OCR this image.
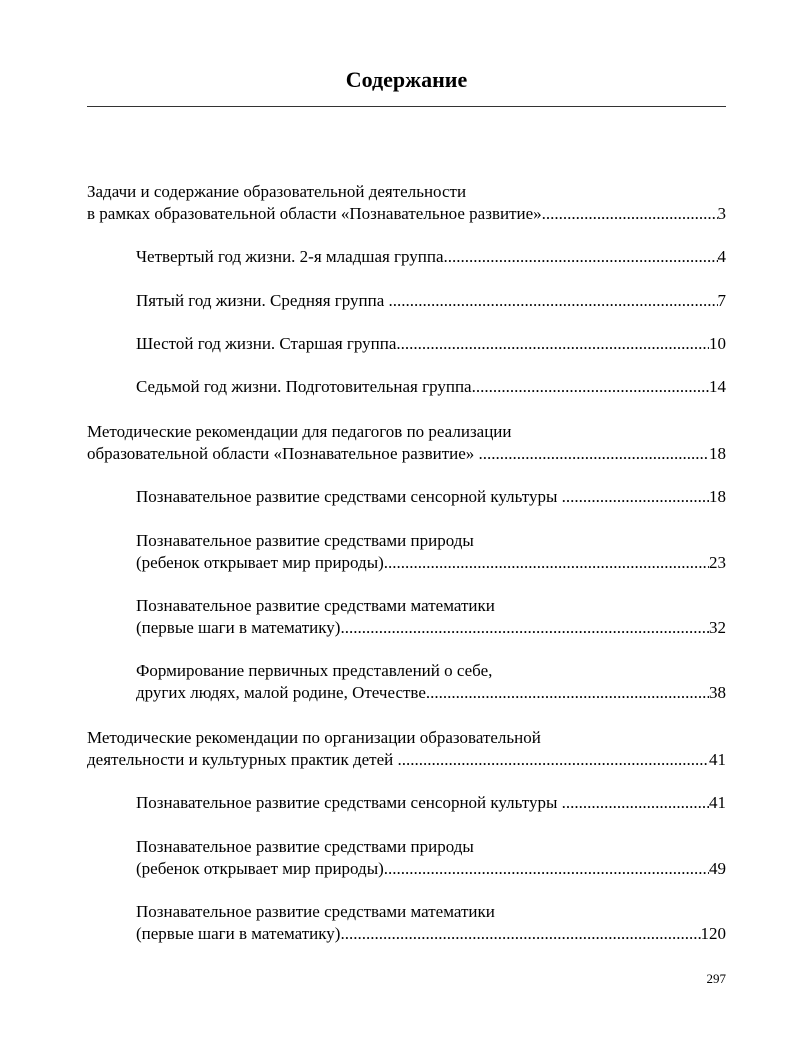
Содержание
Задачи и содержание образовательной деятельности
в рамках образовательной области «Познавательное развитие» .....	3
Четвертый год жизни. 2-я младшая группа .....	4
Пятый год жизни. Средняя группа .....	7
Шестой год жизни. Старшая группа .....	10
Седьмой год жизни. Подготовительная группа .....	14
Методические рекомендации для педагогов по реализации
образовательной области «Познавательное развитие» .....	18
Познавательное развитие средствами сенсорной культуры .....	18
Познавательное развитие средствами природы
(ребенок открывает мир природы) .....	23
Познавательное развитие средствами математики
(первые шаги в математику) .....	32
Формирование первичных представлений о себе,
других людях, малой родине, Отечестве .....	38
Методические рекомендации по организации образовательной
деятельности и культурных практик детей .....	41
Познавательное развитие средствами сенсорной культуры .....	41
Познавательное развитие средствами природы
(ребенок открывает мир природы) .....	49
Познавательное развитие средствами математики
(первые шаги в математику) .....	120
297
